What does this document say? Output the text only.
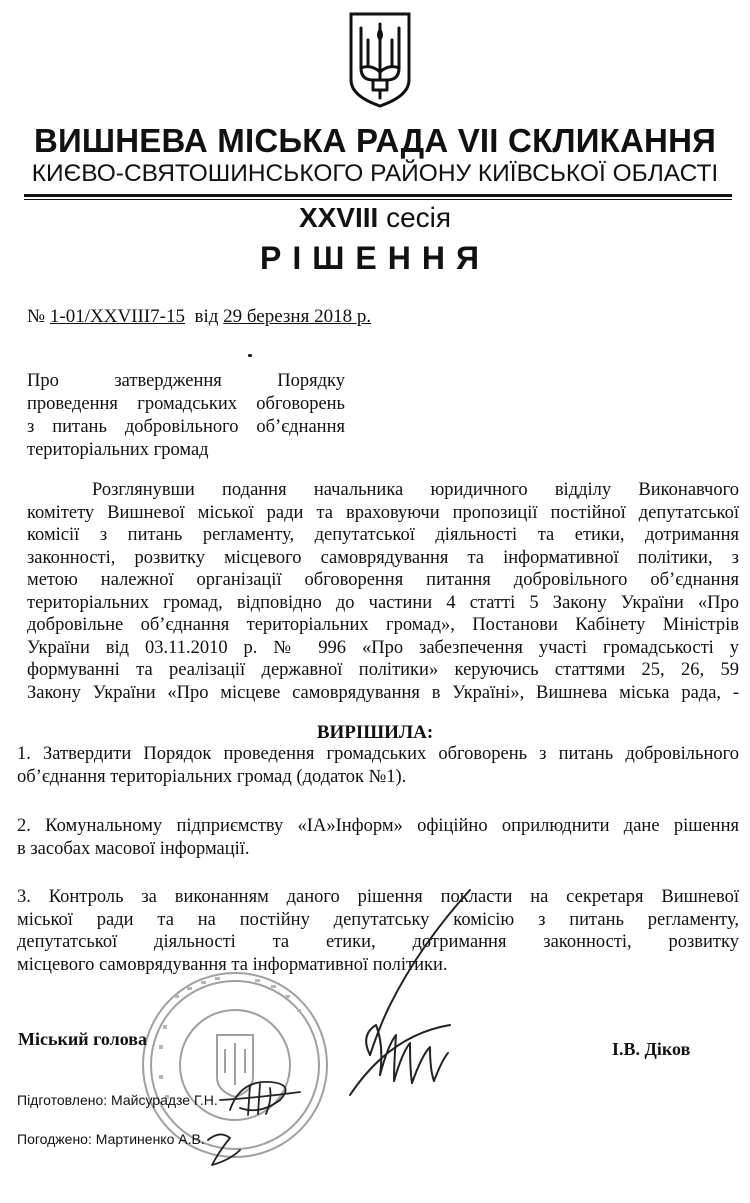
ВИШНЕВА МІСЬКА РАДА VII СКЛИКАННЯ
КИЄВО-СВЯТОШИНСЬКОГО РАЙОНУ КИЇВСЬКОЇ ОБЛАСТІ
XXVIII сесія
РІШЕННЯ
№ 1-01/XXVIII7-15 від 29 березня 2018 р.
Про затвердження Порядку
проведення громадських обговорень
з питань добровільного об’єднання
територіальних громад
Розглянувши подання начальника юридичного відділу Виконавчого
комітету Вишневої міської ради та враховуючи пропозиції постійної депутатської
комісії з питань регламенту, депутатської діяльності та етики, дотримання
законності, розвитку місцевого самоврядування та інформативної політики, з
метою належної організації обговорення питання добровільного об’єднання
територіальних громад, відповідно до частини 4 статті 5 Закону України «Про
добровільне об’єднання територіальних громад», Постанови Кабінету Міністрів
України від 03.11.2010 р. № 996 «Про забезпечення участі громадськості у
формуванні та реалізації державної політики» керуючись статтями 25, 26, 59
Закону України «Про місцеве самоврядування в Україні», Вишнева міська рада, -
ВИРІШИЛА:
1. Затвердити Порядок проведення громадських обговорень з питань добровільного
об’єднання територіальних громад (додаток №1).
2. Комунальному підприємству «ІА»Інформ» офіційно оприлюднити дане рішення
в засобах масової інформації.
3. Контроль за виконанням даного рішення покласти на секретаря Вишневої
міської ради та на постійну депутатську комісію з питань регламенту,
депутатської діяльності та етики, дотримання законності, розвитку
місцевого самоврядування та інформативної політики.
Міський голова	І.В. Діков
Підготовлено: Майсурадзе Г.Н.
Погоджено: Мартиненко А.В.
